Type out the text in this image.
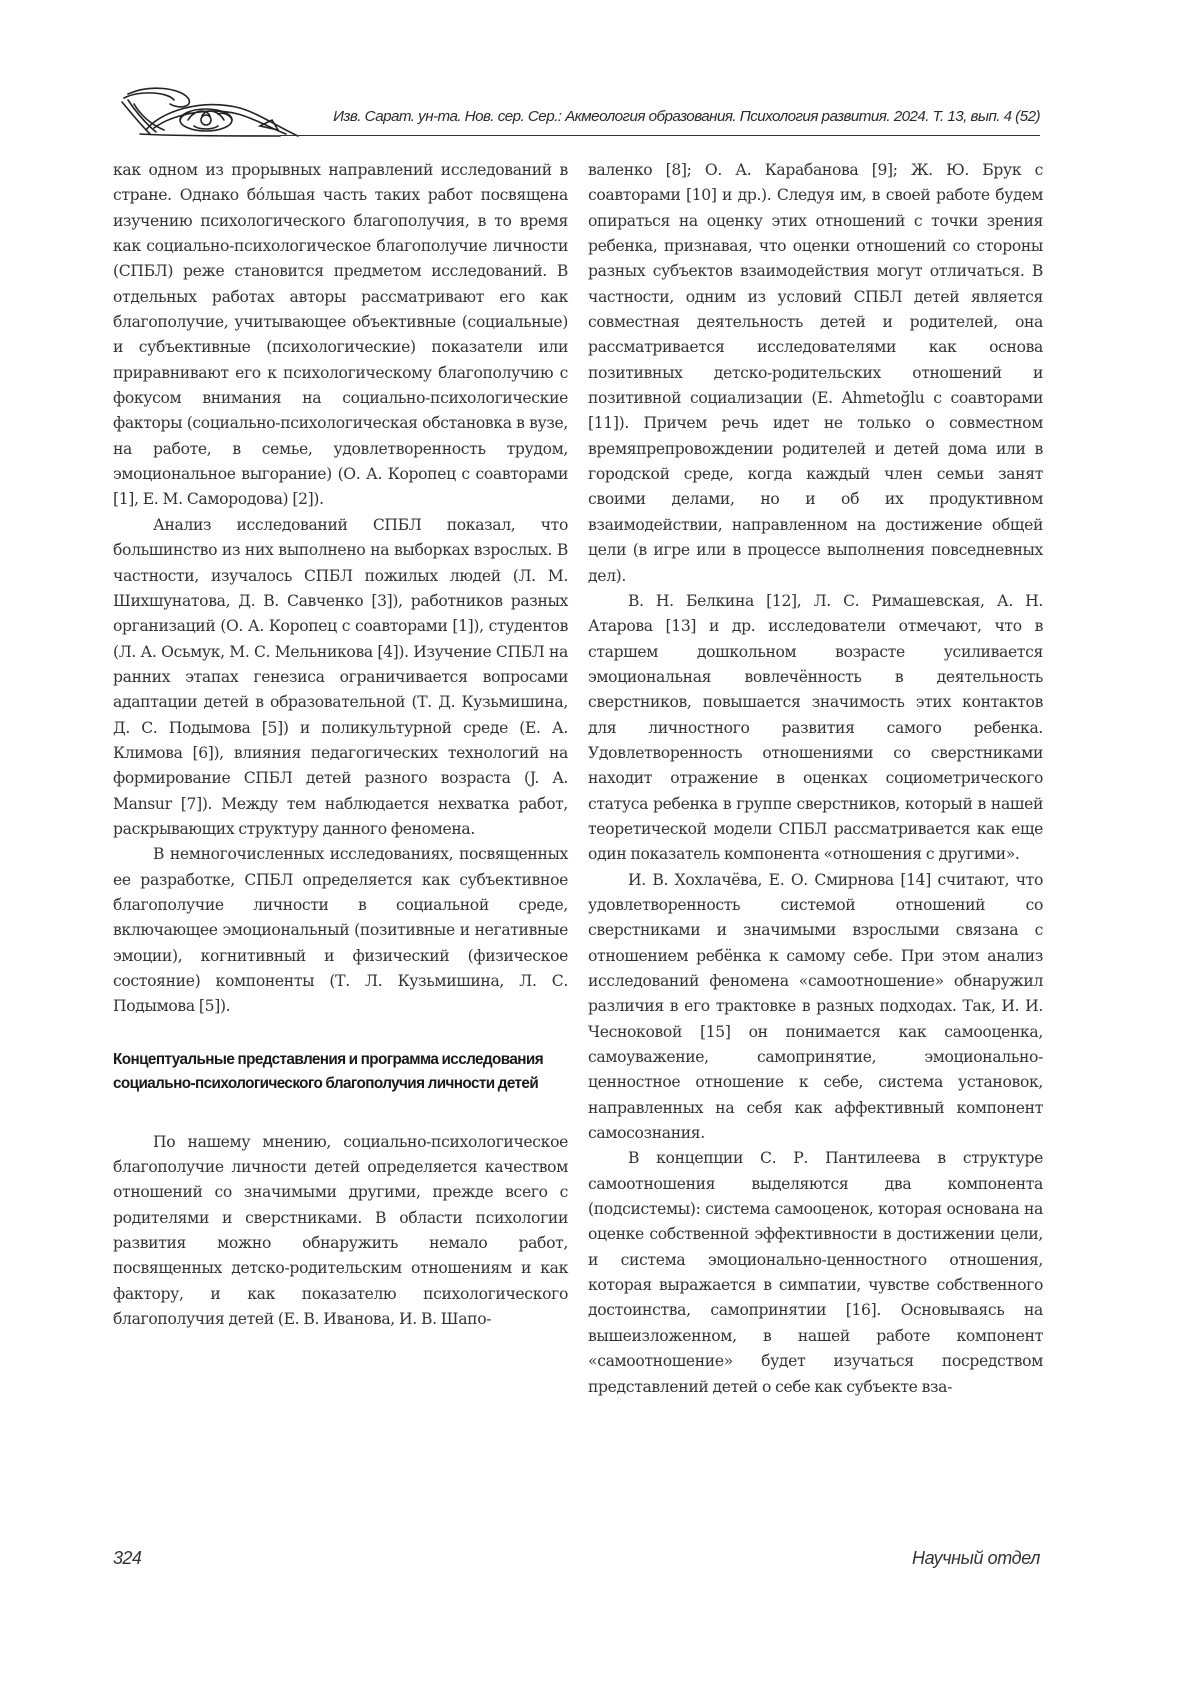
Изв. Сарат. ун-та. Нов. сер. Сер.: Акмеология образования. Психология развития. 2024. Т. 13, вып. 4 (52)

как одном из прорывных направлений исследований в стране. Однако бо́льшая часть таких работ посвящена изучению психологического благополучия, в то время как социально-психологическое благополучие личности (СПБЛ) реже становится предметом исследований. В отдельных работах авторы рассматривают его как благополучие, учитывающее объективные (социальные) и субъективные (психологические) показатели или приравнивают его к психологическому благополучию с фокусом внимания на социально-психологические факторы (социально-психологическая обстановка в вузе, на работе, в семье, удовлетворенность трудом, эмоциональное выгорание) (О. А. Коропец с соавторами [1], Е. М. Самородова) [2]).

Анализ исследований СПБЛ показал, что большинство из них выполнено на выборках взрослых. В частности, изучалось СПБЛ пожилых людей (Л. М. Шихшунатова, Д. В. Савченко [3]), работников разных организаций (О. А. Коропец с соавторами [1]), студентов (Л. А. Осьмук, М. С. Мельникова [4]). Изучение СПБЛ на ранних этапах генезиса ограничивается вопросами адаптации детей в образовательной (Т. Д. Кузьмишина, Д. С. Подымова [5]) и поликультурной среде (Е. А. Климова [6]), влияния педагогических технологий на формирование СПБЛ детей разного возраста (J. A. Mansur [7]). Между тем наблюдается нехватка работ, раскрывающих структуру данного феномена.

В немногочисленных исследованиях, посвященных ее разработке, СПБЛ определяется как субъективное благополучие личности в социальной среде, включающее эмоциональный (позитивные и негативные эмоции), когнитивный и физический (физическое состояние) компоненты (Т. Л. Кузьмишина, Л. С. Подымова [5]).

Концептуальные представления и программа исследования социально-психологического благополучия личности детей

По нашему мнению, социально-психологическое благополучие личности детей определяется качеством отношений со значимыми другими, прежде всего с родителями и сверстниками. В области психологии развития можно обнаружить немало работ, посвященных детско-родительским отношениям и как фактору, и как показателю психологического благополучия детей (Е. В. Иванова, И. В. Шапо-

валенко [8]; О. А. Карабанова [9]; Ж. Ю. Брук с соавторами [10] и др.). Следуя им, в своей работе будем опираться на оценку этих отношений с точки зрения ребенка, признавая, что оценки отношений со стороны разных субъектов взаимодействия могут отличаться. В частности, одним из условий СПБЛ детей является совместная деятельность детей и родителей, она рассматривается исследователями как основа позитивных детско-родительских отношений и позитивной социализации (E. Ahmetoğlu с соавторами [11]). Причем речь идет не только о совместном времяпрепровождении родителей и детей дома или в городской среде, когда каждый член семьи занят своими делами, но и об их продуктивном взаимодействии, направленном на достижение общей цели (в игре или в процессе выполнения повседневных дел).

В. Н. Белкина [12], Л. С. Римашевская, А. Н. Атарова [13] и др. исследователи отмечают, что в старшем дошкольном возрасте усиливается эмоциональная вовлечённость в деятельность сверстников, повышается значимость этих контактов для личностного развития самого ребенка. Удовлетворенность отношениями со сверстниками находит отражение в оценках социометрического статуса ребенка в группе сверстников, который в нашей теоретической модели СПБЛ рассматривается как еще один показатель компонента «отношения с другими».

И. В. Хохлачёва, Е. О. Смирнова [14] считают, что удовлетворенность системой отношений со сверстниками и значимыми взрослыми связана с отношением ребёнка к самому себе. При этом анализ исследований феномена «самоотношение» обнаружил различия в его трактовке в разных подходах. Так, И. И. Чесноковой [15] он понимается как самооценка, самоуважение, самопринятие, эмоционально-ценностное отношение к себе, система установок, направленных на себя как аффективный компонент самосознания.

В концепции С. Р. Пантилеева в структуре самоотношения выделяются два компонента (подсистемы): система самооценок, которая основана на оценке собственной эффективности в достижении цели, и система эмоционально-ценностного отношения, которая выражается в симпатии, чувстве собственного достоинства, самопринятии [16]. Основываясь на вышеизложенном, в нашей работе компонент «самоотношение» будет изучаться посредством представлений детей о себе как субъекте вза-

324	Научный отдел
